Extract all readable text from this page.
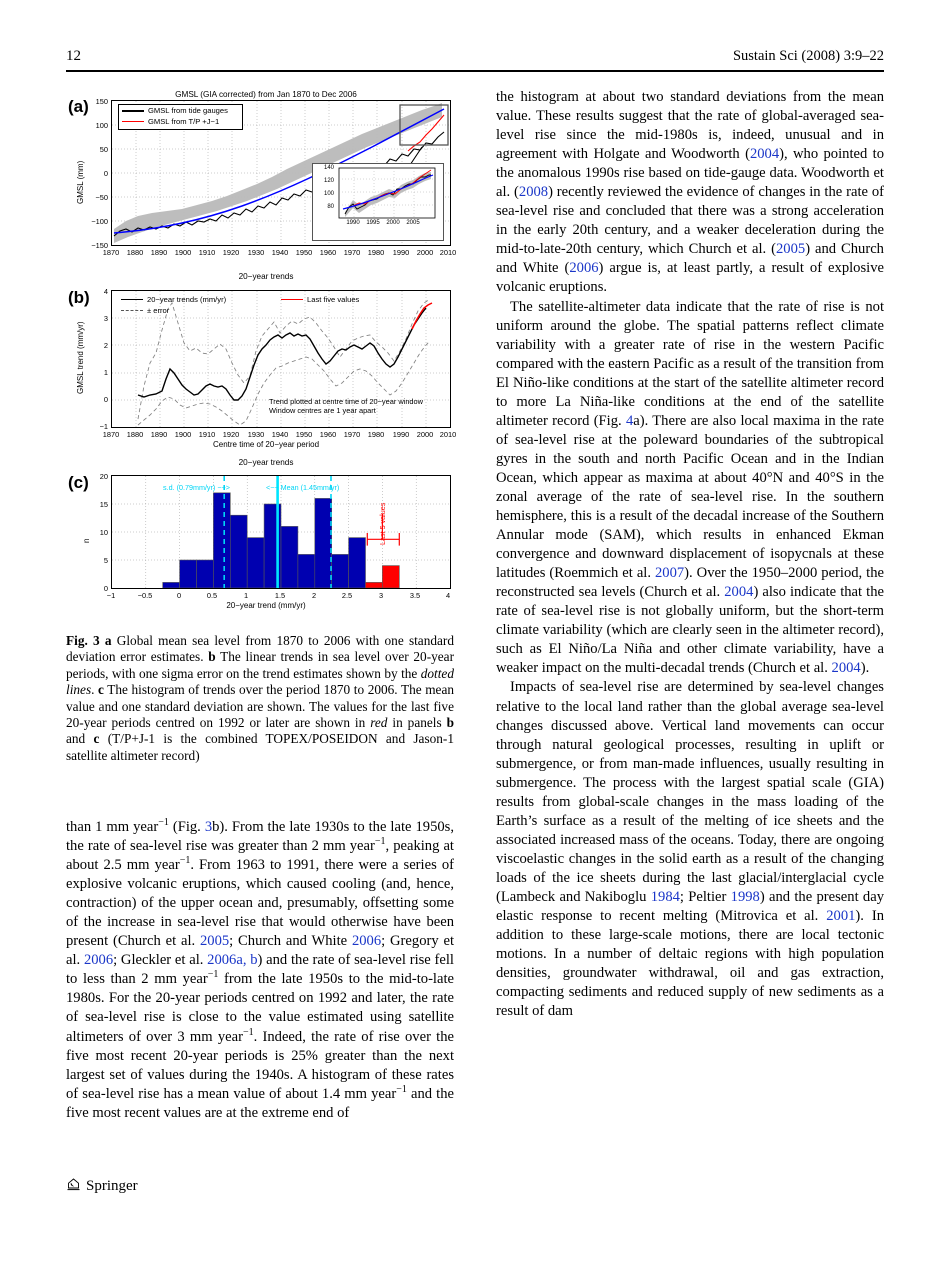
12	Sustain Sci (2008) 3:9–22
(a)
GMSL (GIA corrected) from Jan 1870 to Dec 2006
GMSL (mm)
150
100
50
0
−50
−100
−150
140
120
100
80
1990	1995	2000	2005
GMSL from tide gauges
GMSL from T/P +J−1
1870	1880	1890	1900	1910	1920	1930	1940	1950	1960	1970	1980	1990	2000 2010
(b)
20−year trends
GMSL trend (mm/yr)
4
3
2
1
0
−1
20−year trends (mm/yr)
± error
Last five values
Trend plotted at centre time of 20−year window
Window centres are 1 year apart
1870	1880	1890	1900	1910	1920	1930	1940	1950	1960	1970	1980	1990	2000 2010
Centre time of 20−year period
(c)
20−year trends
n
20
15
10
5
0
s.d. (0.79mm/yr) −−>	<−− Mean (1.45mm/yr)
Last 5 values
−1	−0.5	0	0.5	1	1.5	2	2.5	3	3.5	4
20−year trend (mm/yr)
Fig. 3 a Global mean sea level from 1870 to 2006 with one standard deviation error estimates. b The linear trends in sea level over 20-year periods, with one sigma error on the trend estimates shown by the dotted lines. c The histogram of trends over the period 1870 to 2006. The mean value and one standard deviation are shown. The values for the last five 20-year periods centred on 1992 or later are shown in red in panels b and c (T/P+J-1 is the combined TOPEX/POSEIDON and Jason-1 satellite altimeter record)

than 1 mm year$^{-1}$ (Fig. 3b). From the late 1930s to the late 1950s, the rate of sea-level rise was greater than 2 mm year$^{-1}$, peaking at about 2.5 mm year$^{-1}$. From 1963 to 1991, there were a series of explosive volcanic eruptions, which caused cooling (and, hence, contraction) of the upper ocean and, presumably, offsetting some of the increase in sea-level rise that would otherwise have been present (Church et al. 2005; Church and White 2006; Gregory et al. 2006; Gleckler et al. 2006a, b) and the rate of sea-level rise fell to less than 2 mm year$^{-1}$ from the late 1950s to the mid-to-late 1980s. For the 20-year periods centred on 1992 and later, the rate of sea-level rise is close to the value estimated using satellite altimeters of over 3 mm year$^{-1}$. Indeed, the rate of rise over the five most recent 20-year periods is 25% greater than the next largest set of values during the 1940s. A histogram of these rates of sea-level rise has a mean value of about 1.4 mm year$^{-1}$ and the five most recent values are at the extreme end of

the histogram at about two standard deviations from the mean value. These results suggest that the rate of global-averaged sea-level rise since the mid-1980s is, indeed, unusual and in agreement with Holgate and Woodworth (2004), who pointed to the anomalous 1990s rise based on tide-gauge data. Woodworth et al. (2008) recently reviewed the evidence of changes in the rate of sea-level rise and concluded that there was a strong acceleration in the early 20th century, and a weaker deceleration during the mid-to-late-20th century, which Church et al. (2005) and Church and White (2006) argue is, at least partly, a result of explosive volcanic eruptions.

The satellite-altimeter data indicate that the rate of rise is not uniform around the globe. The spatial patterns reflect climate variability with a greater rate of rise in the western Pacific compared with the eastern Pacific as a result of the transition from El Niño-like conditions at the start of the satellite altimeter record to more La Niña-like conditions at the end of the satellite altimeter record (Fig. 4a). There are also local maxima in the rate of sea-level rise at the poleward boundaries of the subtropical gyres in the south and north Pacific Ocean and in the Indian Ocean, which appear as maxima at about 40°N and 40°S in the zonal average of the rate of sea-level rise. In the southern hemisphere, this is a result of the decadal increase of the Southern Annular mode (SAM), which results in enhanced Ekman convergence and downward displacement of isopycnals at these latitudes (Roemmich et al. 2007). Over the 1950–2000 period, the reconstructed sea levels (Church et al. 2004) also indicate that the rate of sea-level rise is not globally uniform, but the short-term climate variability (which are clearly seen in the altimeter record), such as El Niño/La Niña and other climate variability, have a weaker impact on the multi-decadal trends (Church et al. 2004).

Impacts of sea-level rise are determined by sea-level changes relative to the local land rather than the global average sea-level changes discussed above. Vertical land movements can occur through natural geological processes, resulting in uplift or submergence, or from man-made influences, usually resulting in submergence. The process with the largest spatial scale (GIA) results from global-scale changes in the mass loading of the Earth’s surface as a result of the melting of ice sheets and the associated increased mass of the oceans. Today, there are ongoing viscoelastic changes in the solid earth as a result of the changing loads of the ice sheets during the last glacial/interglacial cycle (Lambeck and Nakiboglu 1984; Peltier 1998) and the present day elastic response to recent melting (Mitrovica et al. 2001). In addition to these large-scale motions, there are local tectonic motions. In a number of deltaic regions with high population densities, groundwater withdrawal, oil and gas extraction, compacting sediments and reduced supply of new sediments as a result of dam

Springer
